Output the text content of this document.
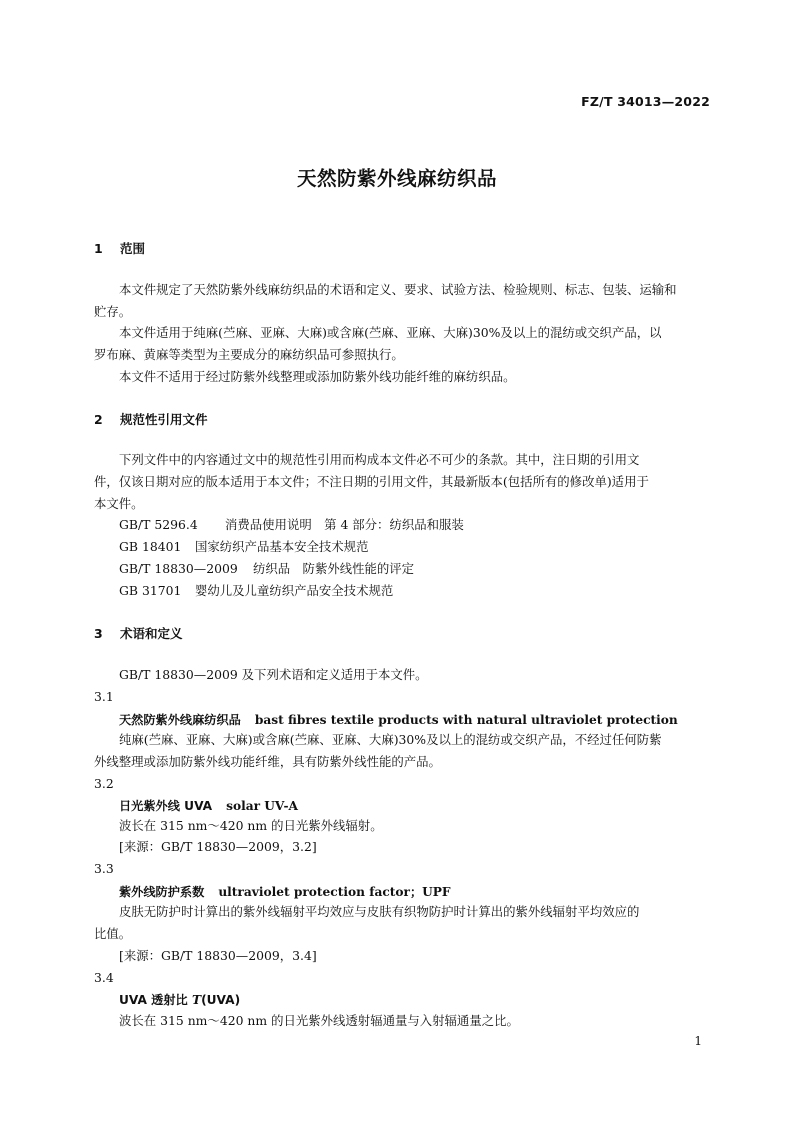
FZ/T 34013—2022
天然防紫外线麻纺织品
1 范围
本文件规定了天然防紫外线麻纺织品的术语和定义、要求、试验方法、检验规则、标志、包装、运输和
贮存。
本文件适用于纯麻(苎麻、亚麻、大麻)或含麻(苎麻、亚麻、大麻)30%及以上的混纺或交织产品，以
罗布麻、黄麻等类型为主要成分的麻纺织品可参照执行。
本文件不适用于经过防紫外线整理或添加防紫外线功能纤维的麻纺织品。
2 规范性引用文件
下列文件中的内容通过文中的规范性引用而构成本文件必不可少的条款。其中，注日期的引用文
件，仅该日期对应的版本适用于本文件；不注日期的引用文件，其最新版本(包括所有的修改单)适用于
本文件。
GB/T 5296.4 消费品使用说明　第 4 部分：纺织品和服装
GB 18401 国家纺织产品基本安全技术规范
GB/T 18830—2009 纺织品　防紫外线性能的评定
GB 31701 婴幼儿及儿童纺织产品安全技术规范
3 术语和定义
GB/T 18830—2009 及下列术语和定义适用于本文件。
3.1
天然防紫外线麻纺织品 bast fibres textile products with natural ultraviolet protection
纯麻(苎麻、亚麻、大麻)或含麻(苎麻、亚麻、大麻)30%及以上的混纺或交织产品，不经过任何防紫
外线整理或添加防紫外线功能纤维，具有防紫外线性能的产品。
3.2
日光紫外线 UVA solar UV-A
波长在 315 nm～420 nm 的日光紫外线辐射。
[来源：GB/T 18830—2009，3.2]
3.3
紫外线防护系数 ultraviolet protection factor；UPF
皮肤无防护时计算出的紫外线辐射平均效应与皮肤有织物防护时计算出的紫外线辐射平均效应的
比值。
[来源：GB/T 18830—2009，3.4]
3.4
UVA 透射比 T(UVA)
波长在 315 nm～420 nm 的日光紫外线透射辐通量与入射辐通量之比。
1
